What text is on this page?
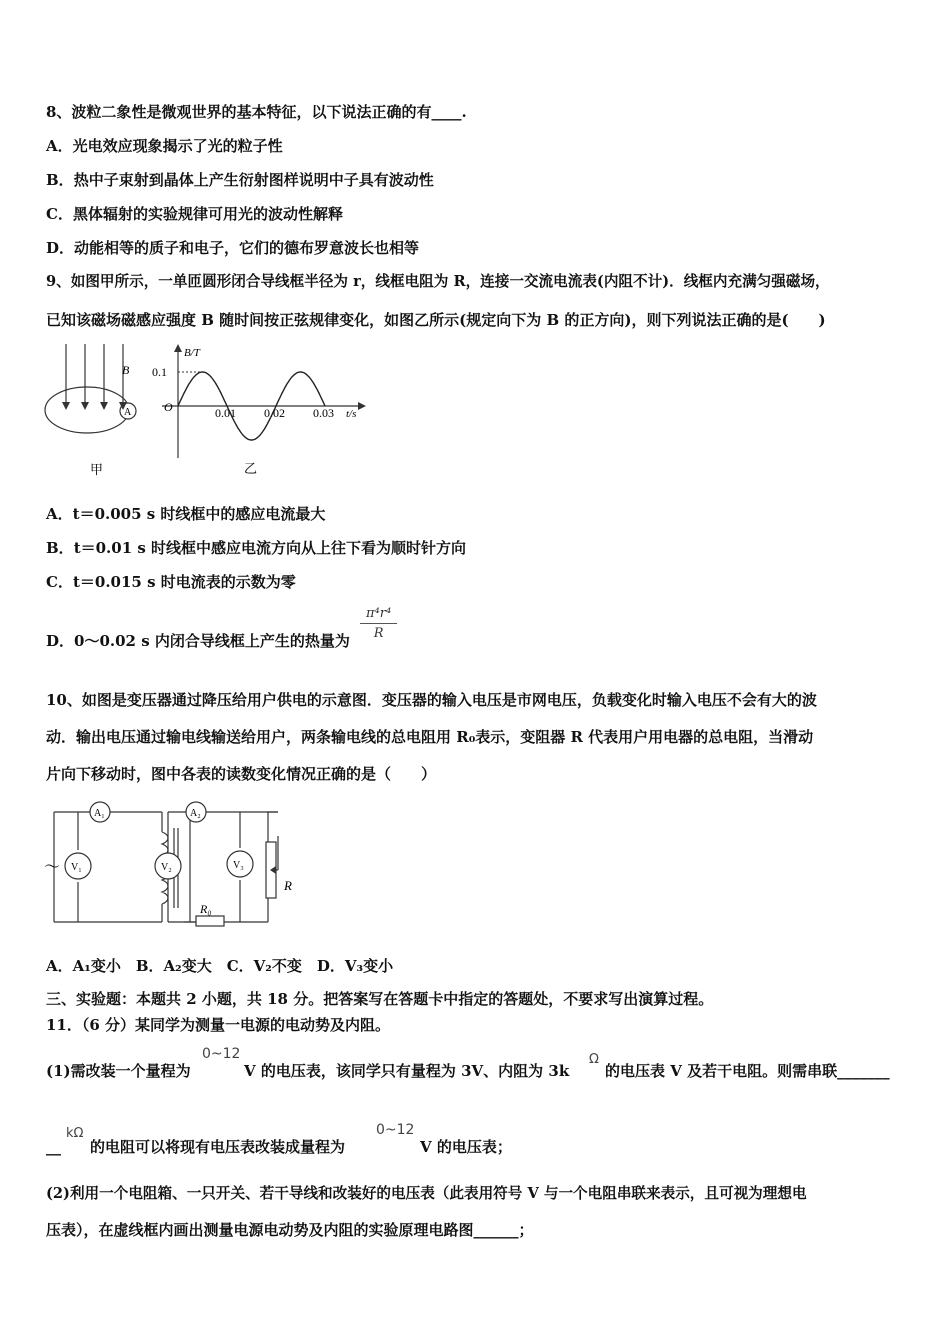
8、波粒二象性是微观世界的基本特征，以下说法正确的有____.
A．光电效应现象揭示了光的粒子性
B．热中子束射到晶体上产生衍射图样说明中子具有波动性
C．黑体辐射的实验规律可用光的波动性解释
D．动能相等的质子和电子，它们的德布罗意波长也相等
9、如图甲所示，一单匝圆形闭合导线框半径为 r，线框电阻为 R，连接一交流电流表(内阻不计)．线框内充满匀强磁场，
已知该磁场磁感应强度 B 随时间按正弦规律变化，如图乙所示(规定向下为 B 的正方向)，则下列说法正确的是(　　)
B
A
甲
B/T
t/s
O
0.1
0.01 0.02 0.03
乙
A．t＝0.005 s 时线框中的感应电流最大
B．t＝0.01 s 时线框中感应电流方向从上往下看为顺时针方向
C．t＝0.015 s 时电流表的示数为零
D．0～0.02 s 内闭合导线框上产生的热量为 $\frac{\text{π⁴r⁴}}{R}$
10、如图是变压器通过降压给用户供电的示意图．变压器的输入电压是市网电压，负载变化时输入电压不会有大的波
动．输出电压通过输电线输送给用户，两条输电线的总电阻用 R₀表示，变阻器 R 代表用户用电器的总电阻，当滑动
片向下移动时，图中各表的读数变化情况正确的是（　　）
A₁	A₂
V₁	V₂	V₃
R₀
R
～
A．A₁变小　B．A₂变大　C．V₂不变　D．V₃变小
三、实验题：本题共 2 小题，共 18 分。把答案写在答题卡中指定的答题处，不要求写出演算过程。
11．（6 分）某同学为测量一电源的电动势及内阻。
(1)需改装一个量程为
0~12
V 的电压表，该同学只有量程为 3V、内阻为 3k
Ω
的电压表 V 及若干电阻。则需串联_______
__
kΩ
的电阻可以将现有电压表改装成量程为
0~12
V 的电压表；
(2)利用一个电阻箱、一只开关、若干导线和改装好的电压表（此表用符号 V 与一个电阻串联来表示，且可视为理想电
压表），在虚线框内画出测量电源电动势及内阻的实验原理电路图______；
